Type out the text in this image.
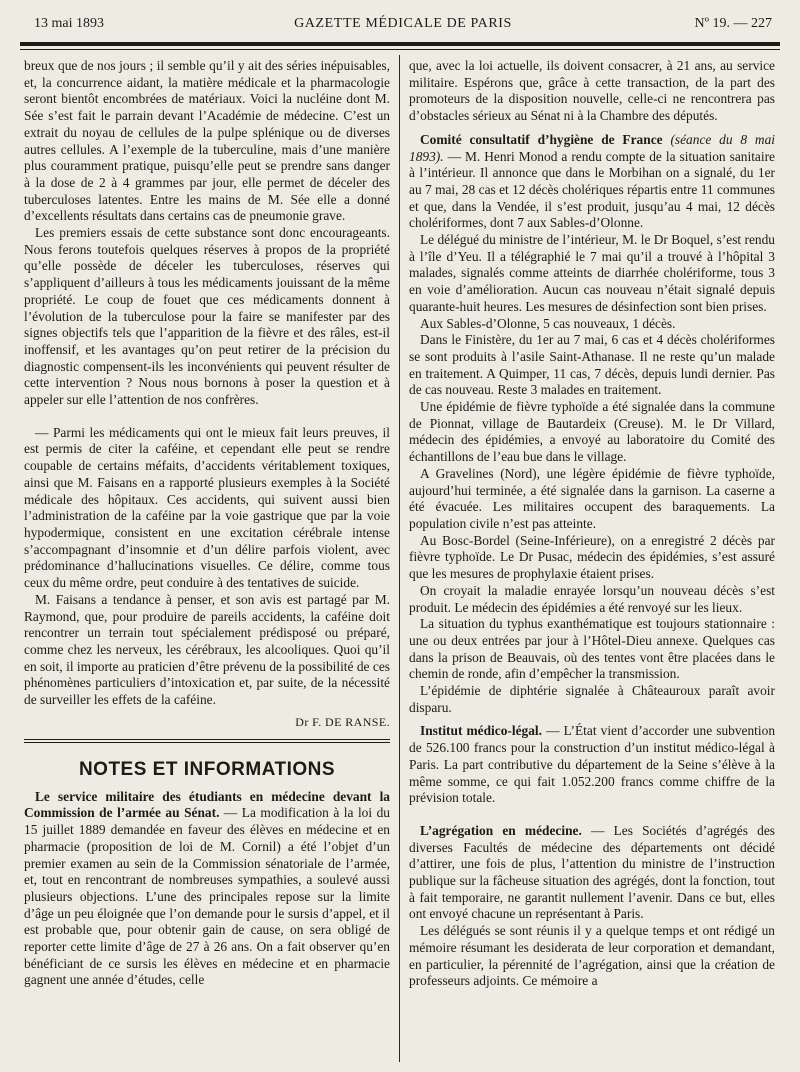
13 mai 1893	GAZETTE MÉDICALE DE PARIS	Nº 19. — 227

breux que de nos jours ; il semble qu’il y ait des séries inépuisables, et, la concurrence aidant, la matière médicale et la pharmacologie seront bientôt encombrées de matériaux. Voici la nucléine dont M. Sée s’est fait le parrain devant l’Académie de médecine. C’est un extrait du noyau de cellules de la pulpe splénique ou de diverses autres cellules. A l’exemple de la tuberculine, mais d’une manière plus couramment pratique, puisqu’elle peut se prendre sans danger à la dose de 2 à 4 grammes par jour, elle permet de déceler des tuberculoses latentes. Entre les mains de M. Sée elle a donné d’excellents résultats dans certains cas de pneumonie grave.

Les premiers essais de cette substance sont donc encourageants. Nous ferons toutefois quelques réserves à propos de la propriété qu’elle possède de déceler les tuberculoses, réserves qui s’appliquent d’ailleurs à tous les médicaments jouissant de la même propriété. Le coup de fouet que ces médicaments donnent à l’évolution de la tuberculose pour la faire se manifester par des signes objectifs tels que l’apparition de la fièvre et des râles, est-il inoffensif, et les avantages qu’on peut retirer de la précision du diagnostic compensent-ils les inconvénients qui peuvent résulter de cette intervention ? Nous nous bornons à poser la question et à appeler sur elle l’attention de nos confrères.

— Parmi les médicaments qui ont le mieux fait leurs preuves, il est permis de citer la caféine, et cependant elle peut se rendre coupable de certains méfaits, d’accidents véritablement toxiques, ainsi que M. Faisans en a rapporté plusieurs exemples à la Société médicale des hôpitaux. Ces accidents, qui suivent aussi bien l’administration de la caféine par la voie gastrique que par la voie hypodermique, consistent en une excitation cérébrale intense s’accompagnant d’insomnie et d’un délire parfois violent, avec prédominance d’hallucinations visuelles. Ce délire, comme tous ceux du même ordre, peut conduire à des tentatives de suicide.

M. Faisans a tendance à penser, et son avis est partagé par M. Raymond, que, pour produire de pareils accidents, la caféine doit rencontrer un terrain tout spécialement prédisposé ou préparé, comme chez les nerveux, les cérébraux, les alcooliques. Quoi qu’il en soit, il importe au praticien d’être prévenu de la possibilité de ces phénomènes particuliers d’intoxication et, par suite, de la nécessité de surveiller les effets de la caféine.

Dr F. DE RANSE.
NOTES ET INFORMATIONS

Le service militaire des étudiants en médecine devant la Commission de l’armée au Sénat. — La modification à la loi du 15 juillet 1889 demandée en faveur des élèves en médecine et en pharmacie (proposition de loi de M. Cornil) a été l’objet d’un premier examen au sein de la Commission sénatoriale de l’armée, et, tout en rencontrant de nombreuses sympathies, a soulevé aussi plusieurs objections. L’une des principales repose sur la limite d’âge un peu éloignée que l’on demande pour le sursis d’appel, et il est probable que, pour obtenir gain de cause, on sera obligé de reporter cette limite d’âge de 27 à 26 ans. On a fait observer qu’en bénéficiant de ce sursis les élèves en médecine et en pharmacie gagnent une année d’études, celle

que, avec la loi actuelle, ils doivent consacrer, à 21 ans, au service militaire. Espérons que, grâce à cette transaction, de la part des promoteurs de la disposition nouvelle, celle-ci ne rencontrera pas d’obstacles sérieux au Sénat ni à la Chambre des députés.

Comité consultatif d’hygiène de France (séance du 8 mai 1893). — M. Henri Monod a rendu compte de la situation sanitaire à l’intérieur. Il annonce que dans le Morbihan on a signalé, du 1er au 7 mai, 28 cas et 12 décès cholériques répartis entre 11 communes et que, dans la Vendée, il s’est produit, jusqu’au 4 mai, 12 décès cholériformes, dont 7 aux Sables-d’Olonne.

Le délégué du ministre de l’intérieur, M. le Dr Boquel, s’est rendu à l’île d’Yeu. Il a télégraphié le 7 mai qu’il a trouvé à l’hôpital 3 malades, signalés comme atteints de diarrhée cholériforme, tous 3 en voie d’amélioration. Aucun cas nouveau n’était signalé depuis quarante-huit heures. Les mesures de désinfection sont bien prises.

Aux Sables-d’Olonne, 5 cas nouveaux, 1 décès.

Dans le Finistère, du 1er au 7 mai, 6 cas et 4 décès cholériformes se sont produits à l’asile Saint-Athanase. Il ne reste qu’un malade en traitement. A Quimper, 11 cas, 7 décès, depuis lundi dernier. Pas de cas nouveau. Reste 3 malades en traitement.

Une épidémie de fièvre typhoïde a été signalée dans la commune de Pionnat, village de Bautardeix (Creuse). M. le Dr Villard, médecin des épidémies, a envoyé au laboratoire du Comité des échantillons de l’eau bue dans le village.

A Gravelines (Nord), une légère épidémie de fièvre typhoïde, aujourd’hui terminée, a été signalée dans la garnison. La caserne a été évacuée. Les militaires occupent des baraquements. La population civile n’est pas atteinte.

Au Bosc-Bordel (Seine-Inférieure), on a enregistré 2 décès par fièvre typhoïde. Le Dr Pusac, médecin des épidémies, s’est assuré que les mesures de prophylaxie étaient prises.

On croyait la maladie enrayée lorsqu’un nouveau décès s’est produit. Le médecin des épidémies a été renvoyé sur les lieux.

La situation du typhus exanthématique est toujours stationnaire : une ou deux entrées par jour à l’Hôtel-Dieu annexe. Quelques cas dans la prison de Beauvais, où des tentes vont être placées dans le chemin de ronde, afin d’empêcher la transmission.

L’épidémie de diphtérie signalée à Châteauroux paraît avoir disparu.

Institut médico-légal. — L’État vient d’accorder une subvention de 526.100 francs pour la construction d’un institut médico-légal à Paris. La part contributive du département de la Seine s’élève à la même somme, ce qui fait 1.052.200 francs comme chiffre de la prévision totale.

L’agrégation en médecine. — Les Sociétés d’agrégés des diverses Facultés de médecine des départements ont décidé d’attirer, une fois de plus, l’attention du ministre de l’instruction publique sur la fâcheuse situation des agrégés, dont la fonction, tout à fait temporaire, ne garantit nullement l’avenir. Dans ce but, elles ont envoyé chacune un représentant à Paris.

Les délégués se sont réunis il y a quelque temps et ont rédigé un mémoire résumant les desiderata de leur corporation et demandant, en particulier, la pérennité de l’agrégation, ainsi que la création de professeurs adjoints. Ce mémoire a
